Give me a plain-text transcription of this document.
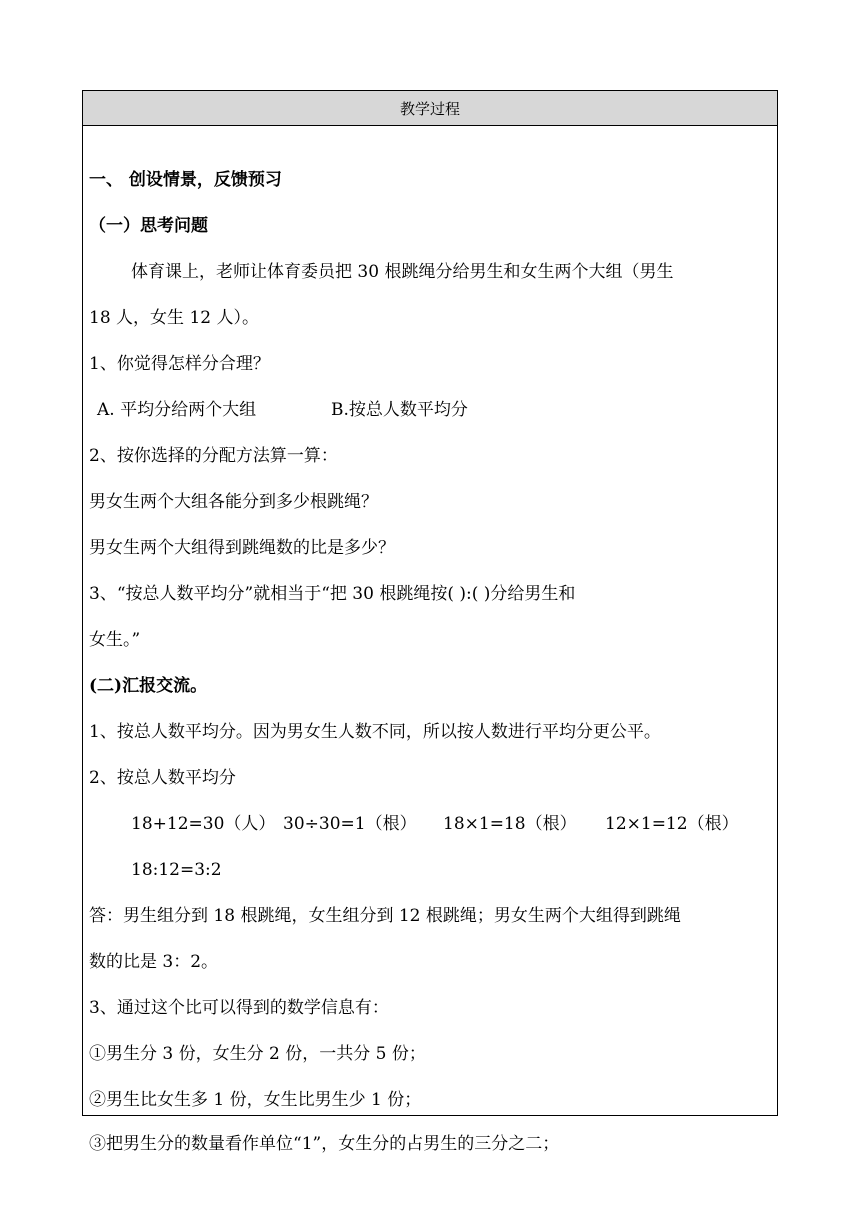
教学过程
一、 创设情景，反馈预习
（一）思考问题
体育课上，老师让体育委员把 30 根跳绳分给男生和女生两个大组（男生
18 人，女生 12 人）。
1、你觉得怎样分合理？
A. 平均分给两个大组	B.按总人数平均分
2、按你选择的分配方法算一算：
男女生两个大组各能分到多少根跳绳？
男女生两个大组得到跳绳数的比是多少？
3、“按总人数平均分”就相当于“把 30 根跳绳按( ):( )分给男生和
女生。”
(二)汇报交流。
1、按总人数平均分。因为男女生人数不同，所以按人数进行平均分更公平。
2、按总人数平均分
18+12=30（人） 30÷30=1（根） 18×1=18（根） 12×1=12（根）
18:12=3:2
答：男生组分到 18 根跳绳，女生组分到 12 根跳绳；男女生两个大组得到跳绳
数的比是 3：2。
3、通过这个比可以得到的数学信息有：
①男生分 3 份，女生分 2 份，一共分 5 份；
②男生比女生多 1 份，女生比男生少 1 份；
③把男生分的数量看作单位“1”，女生分的占男生的三分之二；
